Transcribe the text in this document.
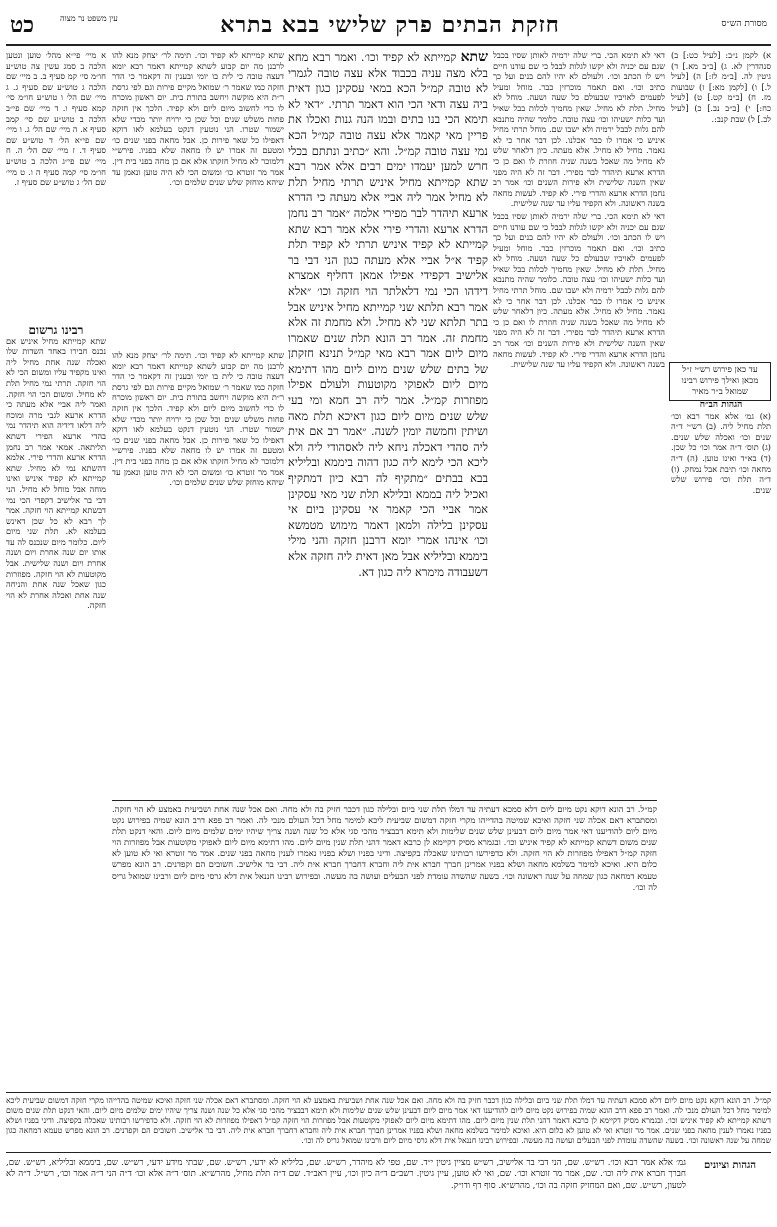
כט	עין משפט נר מצוה	חזקת הבתים פרק שלישי בבא בתרא	מסורת הש״ס

א) לקמן נ״ב: [לעיל כט:] ב) סנהדרין לא. ג) [ב״ב מא.] ד) גיטין לה. [ב״מ לז:] ה) [לעיל ל.] ו) [לקמן מא:] ז) שבועות מז. ח) [ב״מ קט.] ט) [לעיל כח:] י) [ב״ב נב.] כ) [לעיל לב.] ל) שבת קנב:.

עד כאן פירוש רש״י ז״ל מכאן ואילך פירוש רבינו שמואל ב״ר מאיר
הגהות הב״ח

(א) גמ׳ אלא אמר רבא וכו׳ תלת מחיל ליה. (ב) רש״י ד״ה שנים וכו׳ ואכלה שלש שנים. (ג) תוס׳ ד״ה אמר וכו׳ כל שכן. (ד) בא״ד ואינו טוען. (ה) ד״ה מחאה וכו׳ תיבת אבל נמחק. (ו) ד״ה תלת וכו׳ פירוש שלש שנים.

דאי לא תימא הכי. ברי שלה ירמיה לאותן שסיו בכבל שגם עם יכניה ולא יקשו לגלות לבבל כי שם עודנו חיים ויש לו הכתב וכו׳. ולעולם לא יהיו להם בנים ועל כך כתיב וכו׳. ואם תאמר מוכרזין כבר. מוחל ומעיל לפעמים לאויביו שבעולם כל שעה ושעה. מוחל לא מחיל. תלת לא מחיל. שאין מחמיך לכלות בבל שאיל ועד כלות ישעיהו וכו׳ עצה טובה. כלומר שהיה מתנבא להם גלות לבבל ירמיה ולא ישבו שם. מוחל תרתי מחיל איניש כי אמרו לו כבר אכלנו. לכן דבר אחר כי לא נאמר. מחיל לא מחיל. אלא מעתה. כיון דלאחר שלש לא מחיל מה שאכל בשנה שניה חוזרת לו ואם כן כי הדרא ארעא תיהדר לבר מפירי. דבר זה לא היה מפני שאין השנה שלישית ולא פירות השנים וכו׳ אמר רב נחמן הדרא ארעא והדרי פירי. לא קפיד. לעשות מחאה בשנה ראשונה. ולא הקפיד עליו עד שנה שלישית.

דאי לא תימא הכי. ברי שלה ירמיה לאותן שסיו בכבל שגם עם יכניה ולא יקשו לגלות לבבל כי שם עודנו חיים ויש לו הכתב וכו׳. ולעולם לא יהיו להם בנים ועל כך כתיב וכו׳. ואם תאמר מוכרזין כבר. מוחל ומעיל לפעמים לאויביו שבעולם כל שעה ושעה. מוחל לא מחיל. תלת לא מחיל. שאין מחמיך לכלות בבל שאיל ועד כלות ישעיהו וכו׳ עצה טובה. כלומר שהיה מתנבא להם גלות לבבל ירמיה ולא ישבו שם. מוחל תרתי מחיל איניש כי אמרו לו כבר אכלנו. לכן דבר אחר כי לא נאמר. מחיל לא מחיל. אלא מעתה. כיון דלאחר שלש לא מחיל מה שאכל בשנה שניה חוזרת לו ואם כן כי הדרא ארעא תיהדר לבר מפירי. דבר זה לא היה מפני שאין השנה שלישית ולא פירות השנים וכו׳ אמר רב נחמן הדרא ארעא והדרי פירי. לא קפיד. לעשות מחאה בשנה ראשונה. ולא הקפיד עליו עד שנה שלישית.

שתא קמייתא לא קפיד וכו׳. ואמר רבא מחא בלא מצה עניה בכבוד אלא עצה טובה לגמרי לא טובה קמ״ל הכא במאי עסקינן כגון דאית ביה עצה ודאי הכי הוא דאמר תרתי. ״דאי לא תימא הכי בנו בתים ובמו הנה גנות ואכלו את פריין מאי קאמר אלא עצה טובה קמ״ל הכא נמי עצה טובה קמ״ל. והא ״כתיב ונתתם בכלי חרש למען יעמדו ימים רבים אלא אמר רבא שתא קמייתא מחיל איניש תרתי מחיל תלת לא מחיל אמר ליה אביי אלא מעתה כי הדרא ארעא תיהדר לבר מפירי אלמה ״אמר רב נחמן הדרא ארעא והדרי פירי אלא אמר רבא שתא קמייתא לא קפיד איניש תרתי לא קפיד תלת קפיד א״ל אביי אלא מעתה כגון הני דבי בר אלישיב דקפידי אפילו אמאן דחליף אמצרא דידהו הכי נמי דלאלתר הוי חזקה וכו׳ ״אלא אמר רבא תלתא שני קמייתא מחיל איניש אבל בתר תלתא שני לא מחיל. ולא מחמת זה אלא מחמת זה. אמר רב הונא תלת שנים שאמרו מיום ליום אמר רבא מאי קמ״ל תנינא חזקתן של בתים שלש שנים מיום ליום מהו דתימא מיום ליום לאפוקי מקוטעות ולעולם אפילו מפוזרות קמ״ל. אמר ליה רב חמא ומי בעי שלש שנים מיום ליום כגון דאיכא תלת מאה ושיתין וחמשה יומין לשנה. ״אמר רב אם אית ליה סהדי דאכלה ניחא ליה לאסהודי ליה ולא ליכא הכי לימא ליה כגון דהוה ביממא ובליליא בבא בבתים ״מתקיף לה רבא כיון דמתקיף ואכיל ליה בממא ובלילא תלת שני מאי עסקינן אמר אביי הכי קאמר אי עסקינן ביום אי עסקינן בלילה ולמאן דאמר מימוש מטמשא וכו׳ אינהו אמרי יומא דרבנן חזקה והני מילי ביממא ובליליא אבל מאן דאית ליה חזקה אלא דשעבודה מימרא ליה כגון דא.

שתא קמייתא לא קפיד וכו׳. תימה לר׳ יצחק מנא להו לרבנן מה יום קבוע לשתא קמייתא דאמר רבא יומא דעצה טובה כי לית בו יומי ובענין זה דקאמר כי הדר חזקה כמו שאמר ר׳ שמואל מקיים פירות וגם לפי גרסת ר״ת היא מוקשה ויחשב בתורת בית. יום ראשון מוכרח לו כדי לחשוב מיום ליום ולא קפיד. הלכך אין חזקה פחות משלש שנים וכל שכן כי ירויח יותר מכדי שלא ישמור שטרו. הני נוטעין דנקט בעלמא לאו דוקא דאפילו כל שאר פירות כן. אבל מחאה בפני שנים כו׳ ומטעם זה אמרו יש לו מחאה שלא בפניו. פירש״י דלמוכר לא מחיל חזקתו אלא אם כן מחה בפני בית דין. אמר מר זוטרא כו׳ ומשום הכי לא היה טוען ונאמן עד שיהא מוחזק שלש שנים שלמים וכו׳.

שתא קמייתא לא קפיד וכו׳. תימה לר׳ יצחק מנא להו לרבנן מה יום קבוע לשתא קמייתא דאמר רבא יומא דעצה טובה כי לית בו יומי ובענין זה דקאמר כי הדר חזקה כמו שאמר ר׳ שמואל מקיים פירות וגם לפי גרסת ר״ת היא מוקשה ויחשב בתורת בית. יום ראשון מוכרח לו כדי לחשוב מיום ליום ולא קפיד. הלכך אין חזקה פחות משלש שנים וכל שכן כי ירויח יותר מכדי שלא ישמור שטרו. הני נוטעין דנקט בעלמא לאו דוקא דאפילו כל שאר פירות כן. אבל מחאה בפני שנים כו׳ ומטעם זה אמרו יש לו מחאה שלא בפניו. פירש״י דלמוכר לא מחיל חזקתו אלא אם כן מחה בפני בית דין. אמר מר זוטרא כו׳ ומשום הכי לא היה טוען ונאמן עד שיהא מוחזק שלש שנים שלמים וכו׳.

א מיי׳ פי״א מהל׳ טוען ונטען הלכה ב סמג עשין צה טוש״ע חו״מ סי׳ קמ סעיף ב. ב מיי׳ שם הלכה ג טוש״ע שם סעיף ג. ג מיי׳ שם הל׳ ו טוש״ע חו״מ סי׳ קמא סעיף ו. ד מיי׳ שם פי״ב הלכה ב טוש״ע שם סי׳ קמב סעיף א. ה מיי׳ שם הל׳ ג. ו מיי׳ שם פי״א הל׳ ד טוש״ע שם סעיף ד. ז מיי׳ שם הל׳ ה. ח מיי׳ שם פי״ג הלכה ב טוש״ע חו״מ סי׳ קמה סעיף ה ו. ט מיי׳ שם הל׳ ג טוש״ע שם סעיף ז.

רבינו גרשום

שתא קמייתא מחיל איניש אם נכנס חבירו באחד השדות שלו ואכלה שנה אחת מחיל ליה ואינו מקפיד עליו ומשום הכי לא הוי חזקה. תרתי נמי מחיל תלת לא מחיל. ומשום הכי הוי חזקה. ואמר ליה אביי אלא מעתה כי הדרא ארעא לגבי מרה ומוכח ליה דלאו דידיה הוא תיהדר נמי בהדי ארעא הפירי דשתא תליתאה. אמאי אמר רב נחמן הדרא ארעא והדרי פירי. אלמא דהשתא נמי לא מחיל. שתא קמייתא לא קפיד איניש ואינו מוחה אבל מוחל לא מחיל. הני דבי בר אלישיב דקפדי הכי נמי דבשתא קמייתא הוי חזקה. אמר לך רבא לא כל שכן דאינש בעלמא לא. תלת שני מיום ליום. כלומר מיום שנכנס לה עד אותו יום שנה אחרת ויום ושנה אחרת ויום ושנה שלישית. אבל מקוטעות לא הוי חזקה. מפוזרות כגון שאכל שנה אחת והניחה שנה אחת ואכלה אחרת לא הוי חזקה.

קמ״ל. רב הונא דוקא נקט מיום ליום דלא סמכא דעתיה עד דמלו תלת שני ביום ובלילה כגון דכבר חזיק בה ולא מחה. ואם אכל שנה אחת ושביעית באמצע לא הוי חזקה. ומסתברא דאם אכלה שני חזקה ואיכא שמיטה בהדייהו מקרי חזקה דמשום שביעית ליכא למימר מחל דכל העולם מנכי לה. ואמר רב פפא דרב הונא שמיה בפירוש נקט מיום ליום להודיענו דאי אמר מיום ליום דבעינן שלש שנים שלימות ולא תימא דבבציר מהכי סגי אלא כל שנה ושנה צריך שיהיו ימים שלמים מיום ליום. והאי דנקט תלת שנים משום דשתא קמייתא לא קפיד איניש וכו׳. ובגמרא מסיק דקיימא לן כרבא דאמר דהני תלת שנין מיום ליום. מהו דתימא מיום ליום לאפוקי מקוטעות אבל מפוזרות הוי חזקה קמ״ל דאפילו מפוזרות לא הוי חזקה. ולא כדפירשו רבותינו שאכלה בקפיצה. ודיני בפניו ושלא בפניו נאמרו לענין מחאה בפני שנים. אמר מר זוטרא ואי לא טוען לא כלום היא. ואיכא למימר בשלמא מחאה ושלא בפניו אמרינן חברך חברא אית ליה וחברא דחברך חברא אית ליה. דבי בר אלישיב. חשובים הם וקפדנים. רב הונא מפרש טעמא דמחאה כגון שמחה על שנה ראשונה וכו׳. בשעה שהשדה עומדת לפני הבעלים ועושה בה מעשה. ובפירוש רבינו חננאל אית דלא גרסי מיום ליום ורבינו שמואל גריס לה וכו׳.

קמ״ל. רב הונא דוקא נקט מיום ליום דלא סמכא דעתיה עד דמלו תלת שני ביום ובלילה כגון דכבר חזיק בה ולא מחה. ואם אכל שנה אחת ושביעית באמצע לא הוי חזקה. ומסתברא דאם אכלה שני חזקה ואיכא שמיטה בהדייהו מקרי חזקה דמשום שביעית ליכא למימר מחל דכל העולם מנכי לה. ואמר רב פפא דרב הונא שמיה בפירוש נקט מיום ליום להודיענו דאי אמר מיום ליום דבעינן שלש שנים שלימות ולא תימא דבבציר מהכי סגי אלא כל שנה ושנה צריך שיהיו ימים שלמים מיום ליום. והאי דנקט תלת שנים משום דשתא קמייתא לא קפיד איניש וכו׳. ובגמרא מסיק דקיימא לן כרבא דאמר דהני תלת שנין מיום ליום. מהו דתימא מיום ליום לאפוקי מקוטעות אבל מפוזרות הוי חזקה קמ״ל דאפילו מפוזרות לא הוי חזקה. ולא כדפירשו רבותינו שאכלה בקפיצה. ודיני בפניו ושלא בפניו נאמרו לענין מחאה בפני שנים. אמר מר זוטרא ואי לא טוען לא כלום היא. ואיכא למימר בשלמא מחאה ושלא בפניו אמרינן חברך חברא אית ליה וחברא דחברך חברא אית ליה. דבי בר אלישיב. חשובים הם וקפדנים. רב הונא מפרש טעמא דמחאה כגון שמחה על שנה ראשונה וכו׳. בשעה שהשדה עומדת לפני הבעלים ועושה בה מעשה. ובפירוש רבינו חננאל אית דלא גרסי מיום ליום ורבינו שמואל גריס לה וכו׳.

גמ׳ אלא אמר רבא וכו׳. רש״ש. שם, הני דבי בר אלישיב, רש״ש מציין גיטין י״ד. שם, טפי לא מיהדר, רש״ש. שם, בליליא לא ידעי, רש״ש. שם, שבתי מידע ידעי, רש״ש. שם, ביממא ובליליא, רש״ש. שם, חברך חברא אית ליה וכו׳. שם, אמר מר זוטרא וכו׳. שם, ואי לא טוען, עיין גיטין. רשב״ם ד״ה כיון וכו׳, עיין ראב״ד. שם ד״ה תלת מחיל, מהרש״א. תוס׳ ד״ה אלא וכו׳ ד״ה הני ד״ה אמר וכו׳, רש״ל. ד״ה לא לטעון, רש״ש. שם, ואם המחזיק חזקה בה וכו׳, מהרש״א. סוף דף ודו״ק.

הגהות וציונים
